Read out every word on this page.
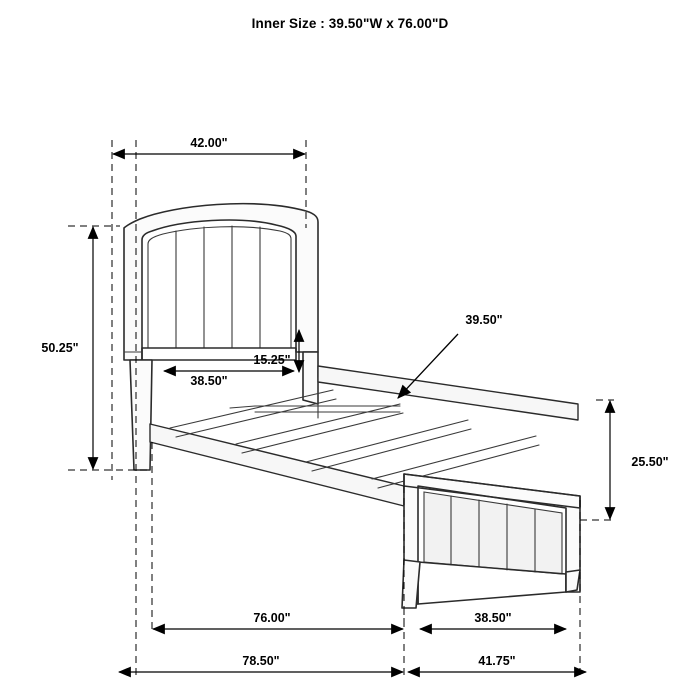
Inner Size : 39.50"W x 76.00"D
42.00"
50.25"
38.50"
15.25"
39.50"
25.50"
76.00"	38.50"
78.50"	41.75"
